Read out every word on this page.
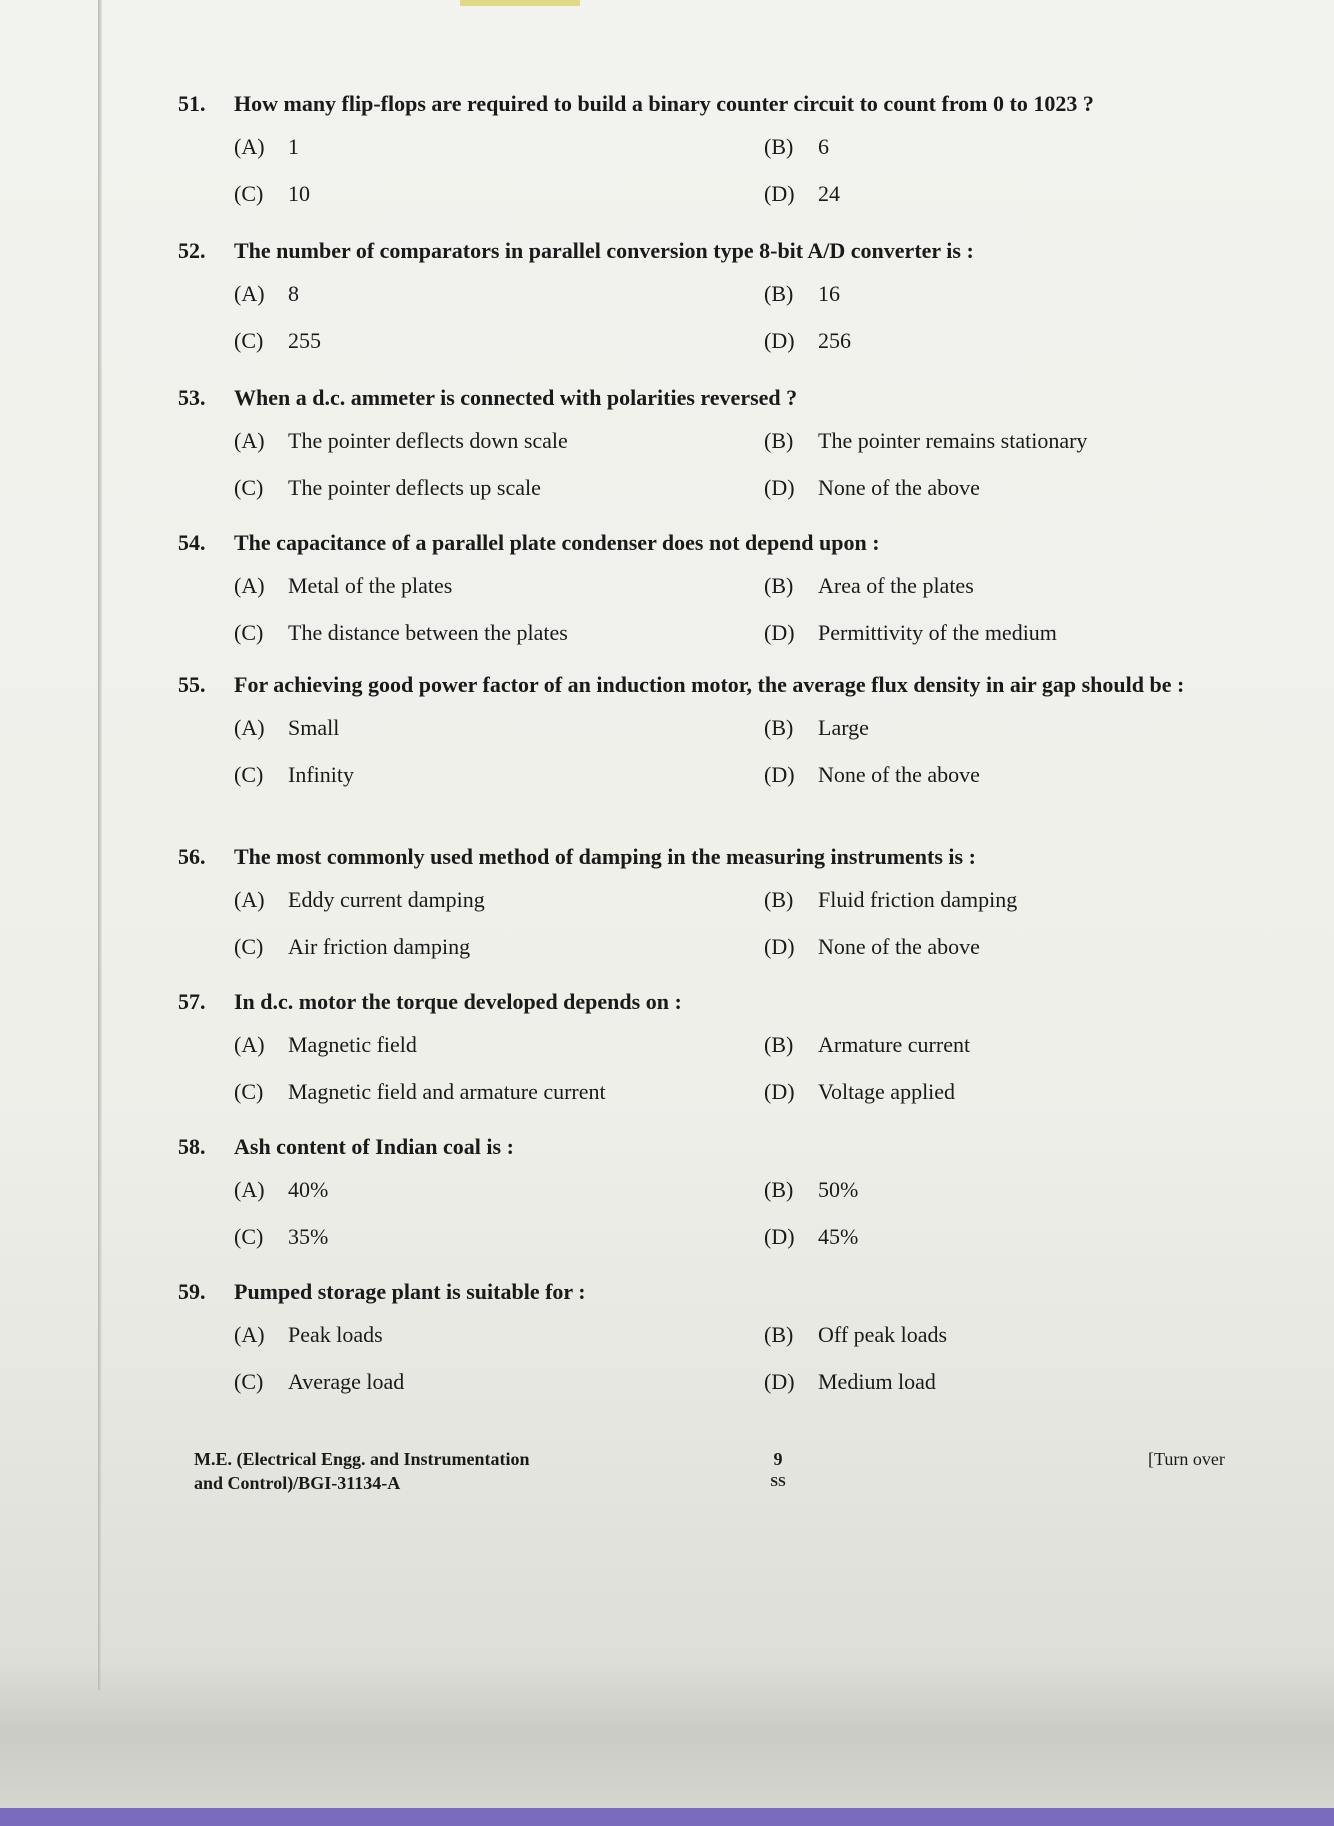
51.	How many flip-flops are required to build a binary counter circuit to count from 0 to 1023 ?
(A)	1	(B)	6
(C)	10	(D)	24
52.	The number of comparators in parallel conversion type 8-bit A/D converter is :
(A)	8	(B)	16
(C)	255	(D)	256
53.	When a d.c. ammeter is connected with polarities reversed ?
(A)	The pointer deflects down scale	(B)	The pointer remains stationary
(C)	The pointer deflects up scale	(D)	None of the above
54.	The capacitance of a parallel plate condenser does not depend upon :
(A)	Metal of the plates	(B)	Area of the plates
(C)	The distance between the plates	(D)	Permittivity of the medium
55.	For achieving good power factor of an induction motor, the average flux density in air gap should be :
(A)	Small	(B)	Large
(C)	Infinity	(D)	None of the above
56.	The most commonly used method of damping in the measuring instruments is :
(A)	Eddy current damping	(B)	Fluid friction damping
(C)	Air friction damping	(D)	None of the above
57.	In d.c. motor the torque developed depends on :
(A)	Magnetic field	(B)	Armature current
(C)	Magnetic field and armature current	(D)	Voltage applied
58.	Ash content of Indian coal is :
(A)	40%	(B)	50%
(C)	35%	(D)	45%
59.	Pumped storage plant is suitable for :
(A)	Peak loads	(B)	Off peak loads
(C)	Average load	(D)	Medium load
M.E. (Electrical Engg. and Instrumentation
and Control)/BGI-31134-A
9
SS
[Turn over
